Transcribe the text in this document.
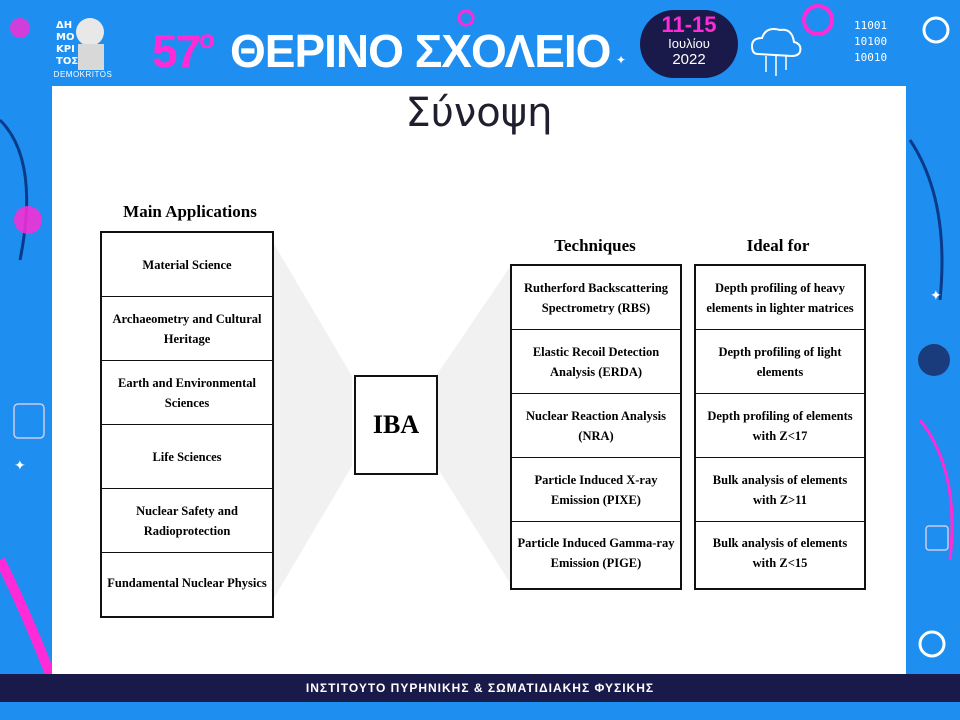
✦
✦
✦
ΔΗ
ΜΟ
ΚΡΙ
ΤΟΣ
DEMOKRITOS $57^o$ ΘΕΡΙΝΟ ΣΧΟΛΕΙΟ
11-15
Ιουλίου
2022
11001
10100
10010
Σύνοψη
Main Applications
Material Science
Archaeometry and Cultural Heritage
Earth and Environmental Sciences
Life Sciences
Nuclear Safety and Radioprotection
Fundamental Nuclear Physics
IBA
Techniques
Rutherford Backscattering Spectrometry (RBS)
Elastic Recoil Detection Analysis (ERDA)
Nuclear Reaction Analysis (NRA)
Particle Induced X-ray Emission (PIXE)
Particle Induced Gamma-ray Emission (PIGE)
Ideal for
Depth profiling of heavy elements in lighter matrices
Depth profiling of light elements
Depth profiling of elements with Z<17
Bulk analysis of elements with Z>11
Bulk analysis of elements with Z<15
ΙΝΣΤΙΤΟΥΤΟ ΠΥΡΗΝΙΚΗΣ & ΣΩΜΑΤΙΔΙΑΚΗΣ ΦΥΣΙΚΗΣ
